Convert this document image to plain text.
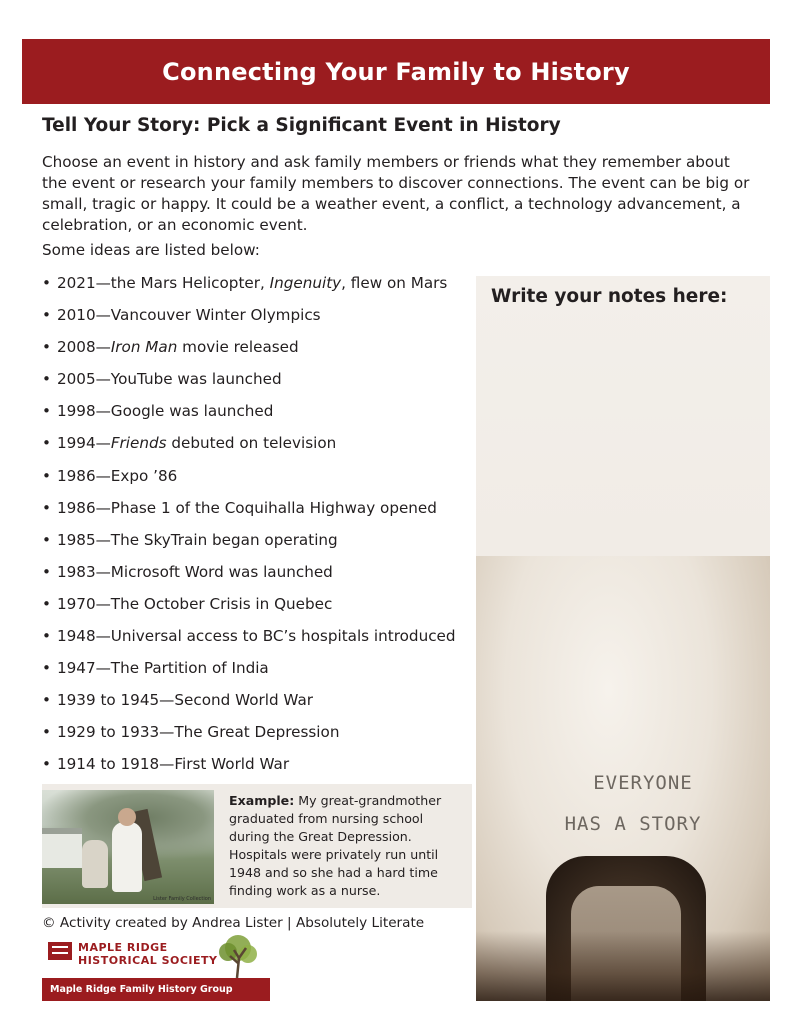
Connecting Your Family to History
Tell Your Story: Pick a Significant Event in History

Choose an event in history and ask family members or friends what they remember about the event or research your family members to discover connections. The event can be big or small, tragic or happy. It could be a weather event, a conflict, a technology advancement, a celebration, or an economic event.

Some ideas are listed below:

• 2021—the Mars Helicopter, Ingenuity, flew on Mars
• 2010—Vancouver Winter Olympics
• 2008—Iron Man movie released
• 2005—YouTube was launched
• 1998—Google was launched
• 1994—Friends debuted on television
• 1986—Expo ’86
• 1986—Phase 1 of the Coquihalla Highway opened
• 1985—The SkyTrain began operating
• 1983—Microsoft Word was launched
• 1970—The October Crisis in Quebec
• 1948—Universal access to BC’s hospitals introduced
• 1947—The Partition of India
• 1939 to 1945—Second World War
• 1929 to 1933—The Great Depression
• 1914 to 1918—First World War
Write your notes here:
EVERYONE
HAS A STORY
Lister Family Collection

Example: My great-grandmother graduated from nursing school during the Great Depression. Hospitals were privately run until 1948 and so she had a hard time finding work as a nurse.

© Activity created by Andrea Lister | Absolutely Literate
MAPLE RIDGE
HISTORICAL SOCIETY
Maple Ridge Family History Group
